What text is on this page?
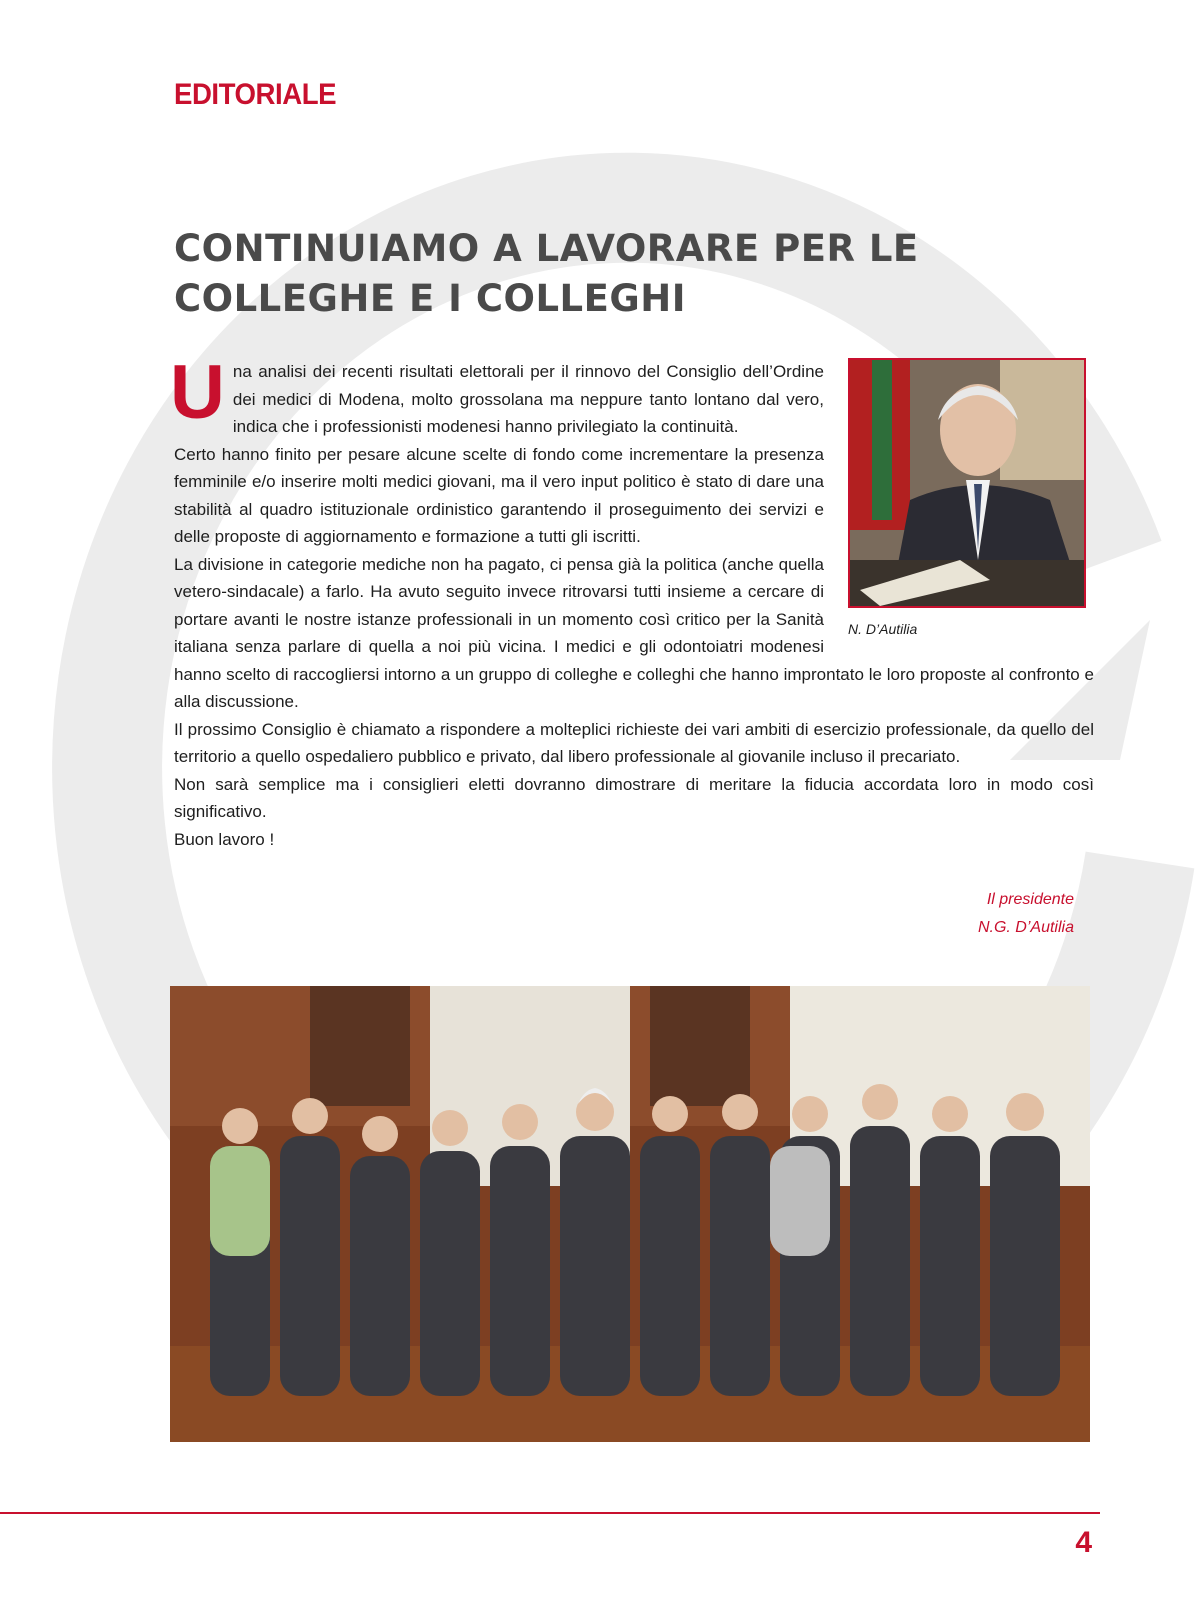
EDITORIALE
CONTINUIAMO A LAVORARE PER LE
COLLEGHE E I COLLEGHI
N. D’Autilia

Una analisi dei recenti risultati elettorali per il rinnovo del Consiglio dell’Ordine dei medici di Modena, molto grossolana ma neppure tanto lontano dal vero, indica che i professionisti modenesi hanno privilegiato la continuità.

Certo hanno finito per pesare alcune scelte di fondo come incrementare la presenza femminile e/o inserire molti medici giovani, ma il vero input politico è stato di dare una stabilità al quadro istituzionale ordinistico garantendo il proseguimento dei servizi e delle proposte di aggiornamento e formazione a tutti gli iscritti.

La divisione in categorie mediche non ha pagato, ci pensa già la politica (anche quella vetero-sindacale) a farlo. Ha avuto seguito invece ritrovarsi tutti insieme a cercare di portare avanti le nostre istanze professionali in un momento così critico per la Sanità italiana senza parlare di quella a noi più vicina. I medici e gli odontoiatri modenesi hanno scelto di raccogliersi intorno a un gruppo di colleghe e colleghi che hanno improntato le loro proposte al confronto e alla discussione.

Il prossimo Consiglio è chiamato a rispondere a molteplici richieste dei vari ambiti di esercizio professionale, da quello del territorio a quello ospedaliero pubblico e privato, dal libero professionale al giovanile incluso il precariato.

Non sarà semplice ma i consiglieri eletti dovranno dimostrare di meritare la fiducia accordata loro in modo così significativo.

Buon lavoro !

Il presidente
N.G. D’Autilia
4
